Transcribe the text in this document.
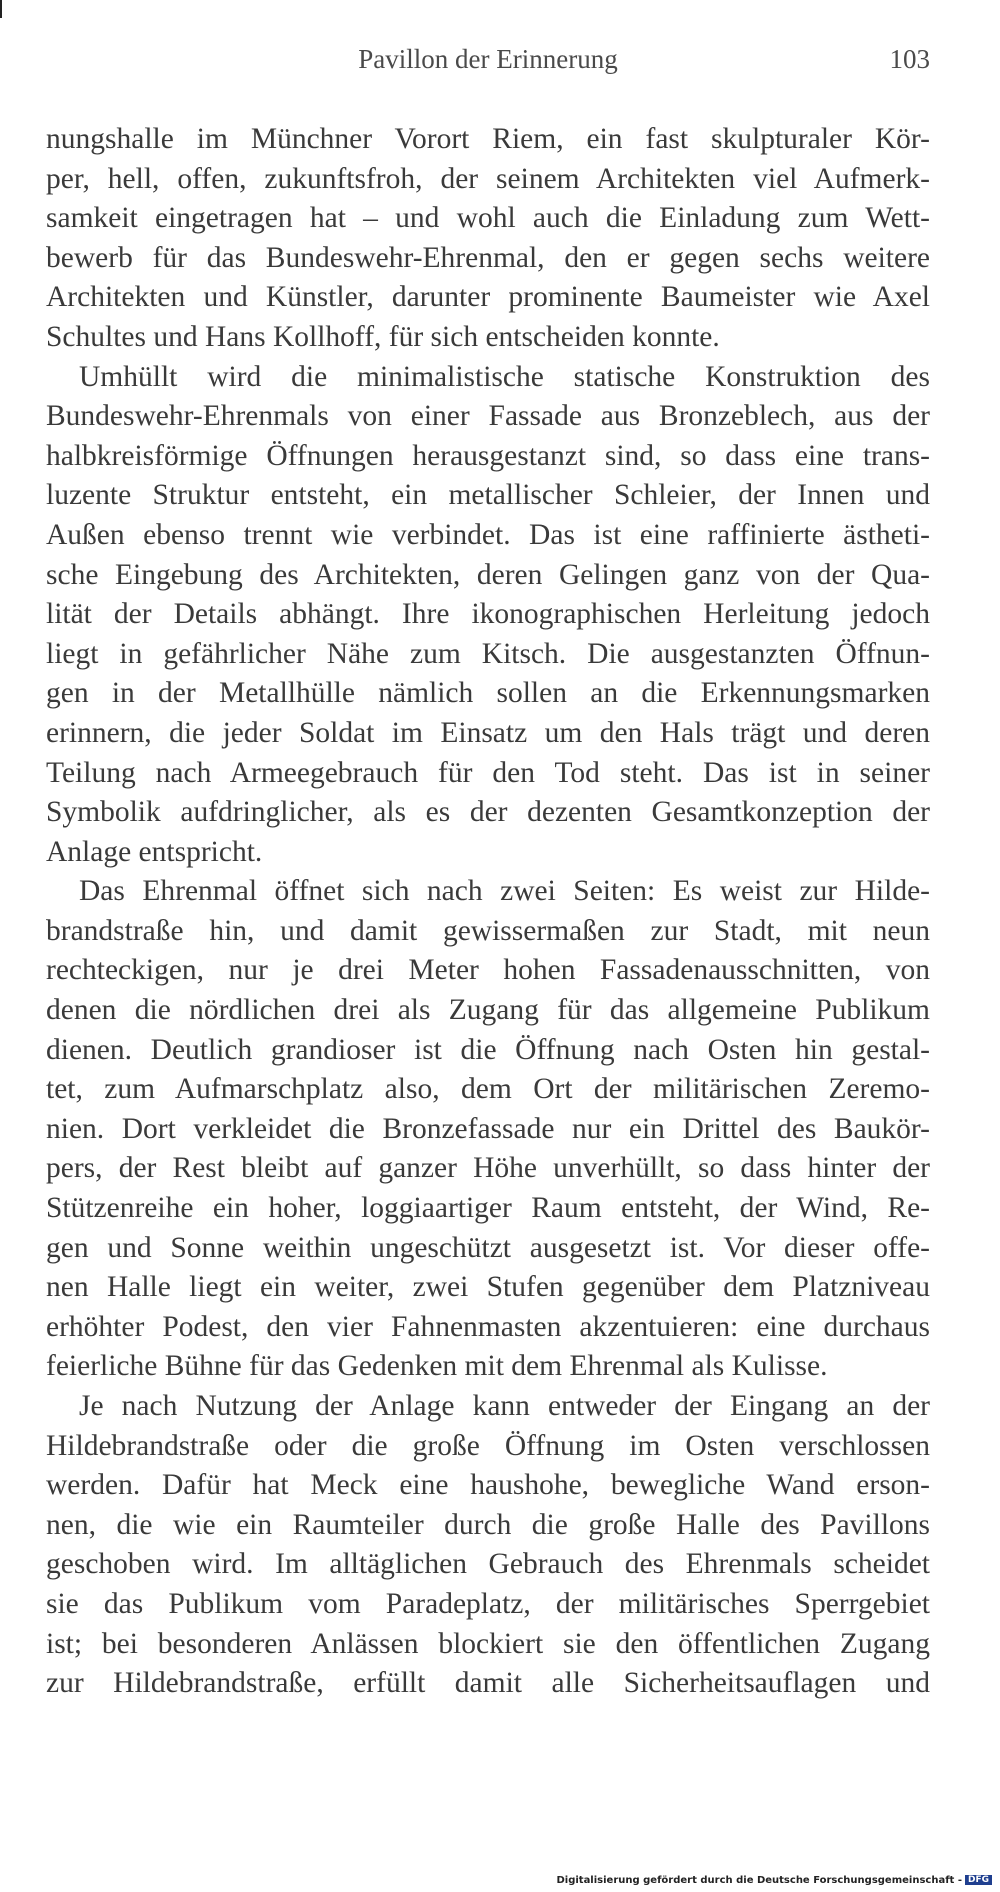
Pavillon der Erinnerung	103
nungshalle im Münchner Vorort Riem, ein fast skulpturaler Kör-
per, hell, offen, zukunftsfroh, der seinem Architekten viel Aufmerk-
samkeit eingetragen hat – und wohl auch die Einladung zum Wett-
bewerb für das Bundeswehr-Ehrenmal, den er gegen sechs weitere
Architekten und Künstler, darunter prominente Baumeister wie Axel
Schultes und Hans Kollhoff, für sich entscheiden konnte.
Umhüllt wird die minimalistische statische Konstruktion des
Bundeswehr-Ehrenmals von einer Fassade aus Bronzeblech, aus der
halbkreisförmige Öffnungen herausgestanzt sind, so dass eine trans-
luzente Struktur entsteht, ein metallischer Schleier, der Innen und
Außen ebenso trennt wie verbindet. Das ist eine raffinierte ästheti-
sche Eingebung des Architekten, deren Gelingen ganz von der Qua-
lität der Details abhängt. Ihre ikonographischen Herleitung jedoch
liegt in gefährlicher Nähe zum Kitsch. Die ausgestanzten Öffnun-
gen in der Metallhülle nämlich sollen an die Erkennungsmarken
erinnern, die jeder Soldat im Einsatz um den Hals trägt und deren
Teilung nach Armeegebrauch für den Tod steht. Das ist in seiner
Symbolik aufdringlicher, als es der dezenten Gesamtkonzeption der
Anlage entspricht.
Das Ehrenmal öffnet sich nach zwei Seiten: Es weist zur Hilde-
brandstraße hin, und damit gewissermaßen zur Stadt, mit neun
rechteckigen, nur je drei Meter hohen Fassadenausschnitten, von
denen die nördlichen drei als Zugang für das allgemeine Publikum
dienen. Deutlich grandioser ist die Öffnung nach Osten hin gestal-
tet, zum Aufmarschplatz also, dem Ort der militärischen Zeremo-
nien. Dort verkleidet die Bronzefassade nur ein Drittel des Baukör-
pers, der Rest bleibt auf ganzer Höhe unverhüllt, so dass hinter der
Stützenreihe ein hoher, loggiaartiger Raum entsteht, der Wind, Re-
gen und Sonne weithin ungeschützt ausgesetzt ist. Vor dieser offe-
nen Halle liegt ein weiter, zwei Stufen gegenüber dem Platzniveau
erhöhter Podest, den vier Fahnenmasten akzentuieren: eine durchaus
feierliche Bühne für das Gedenken mit dem Ehrenmal als Kulisse.
Je nach Nutzung der Anlage kann entweder der Eingang an der
Hildebrandstraße oder die große Öffnung im Osten verschlossen
werden. Dafür hat Meck eine haushohe, bewegliche Wand erson-
nen, die wie ein Raumteiler durch die große Halle des Pavillons
geschoben wird. Im alltäglichen Gebrauch des Ehrenmals scheidet
sie das Publikum vom Paradeplatz, der militärisches Sperrgebiet
ist; bei besonderen Anlässen blockiert sie den öffentlichen Zugang
zur Hildebrandstraße, erfüllt damit alle Sicherheitsauflagen und
Digitalisierung gefördert durch die Deutsche Forschungsgemeinschaft - DFG
